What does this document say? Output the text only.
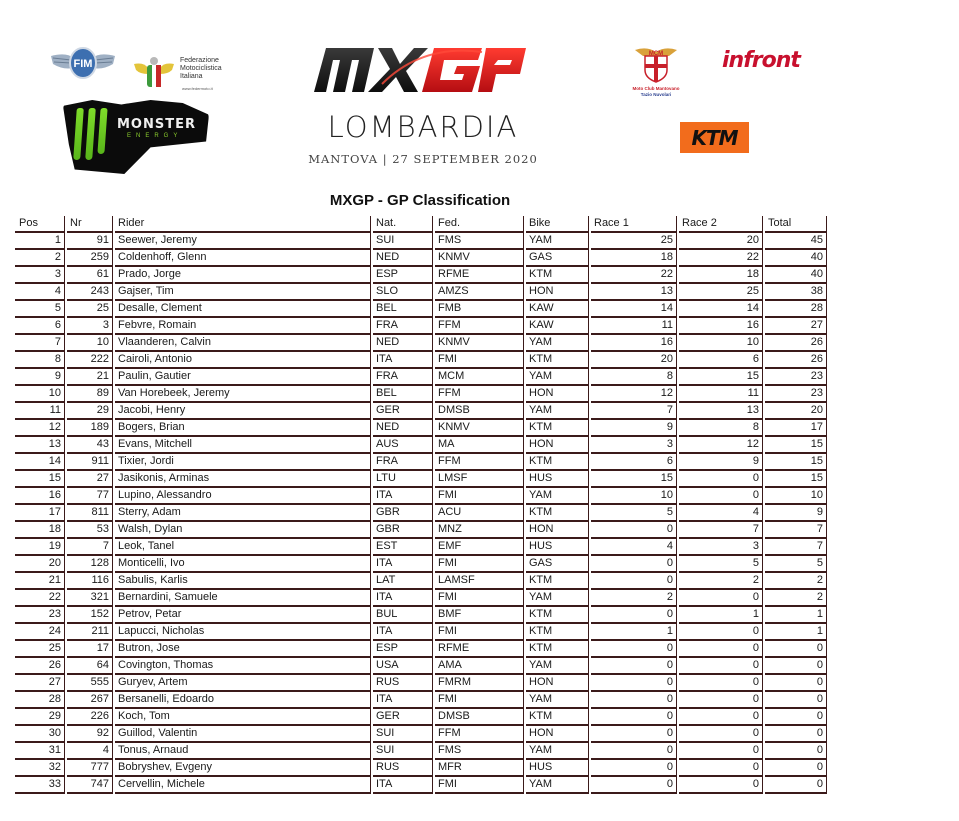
FIM	Federazione
Motociclistica
Italiana
www.federmoto.it
MONSTER
ENERGY	LOMBARDIA
MANTOVA | 27 SEPTEMBER 2020
MCM
Moto Club Mantovano
Tazio Nuvolari
infront
KTM
MXGP - GP Classification
Pos	Nr	Rider	Nat.	Fed.	Bike	Race 1	Race 2	Total
1	91 Seewer, Jeremy	SUI	FMS	YAM	25	20	45
2	259 Coldenhoff, Glenn	NED	KNMV	GAS	18	22	40
3	61 Prado, Jorge	ESP	RFME	KTM	22	18	40
4	243 Gajser, Tim	SLO	AMZS	HON	13	25	38
5	25 Desalle, Clement	BEL	FMB	KAW	14	14	28
6	3 Febvre, Romain	FRA	FFM	KAW	11	16	27
7	10 Vlaanderen, Calvin	NED	KNMV	YAM	16	10	26
8	222 Cairoli, Antonio	ITA	FMI	KTM	20	6	26
9	21 Paulin, Gautier	FRA	MCM	YAM	8	15	23
10	89 Van Horebeek, Jeremy	BEL	FFM	HON	12	11	23
11	29 Jacobi, Henry	GER	DMSB	YAM	7	13	20
12	189 Bogers, Brian	NED	KNMV	KTM	9	8	17
13	43 Evans, Mitchell	AUS	MA	HON	3	12	15
14	911 Tixier, Jordi	FRA	FFM	KTM	6	9	15
15	27 Jasikonis, Arminas	LTU	LMSF	HUS	15	0	15
16	77 Lupino, Alessandro	ITA	FMI	YAM	10	0	10
17	811 Sterry, Adam	GBR	ACU	KTM	5	4	9
18	53 Walsh, Dylan	GBR	MNZ	HON	0	7	7
19	7 Leok, Tanel	EST	EMF	HUS	4	3	7
20	128 Monticelli, Ivo	ITA	FMI	GAS	0	5	5
21	116 Sabulis, Karlis	LAT	LAMSF	KTM	0	2	2
22	321 Bernardini, Samuele	ITA	FMI	YAM	2	0	2
23	152 Petrov, Petar	BUL	BMF	KTM	0	1	1
24	211 Lapucci, Nicholas	ITA	FMI	KTM	1	0	1
25	17 Butron, Jose	ESP	RFME	KTM	0	0	0
26	64 Covington, Thomas	USA	AMA	YAM	0	0	0
27	555 Guryev, Artem	RUS	FMRM	HON	0	0	0
28	267 Bersanelli, Edoardo	ITA	FMI	YAM	0	0	0
29	226 Koch, Tom	GER	DMSB	KTM	0	0	0
30	92 Guillod, Valentin	SUI	FFM	HON	0	0	0
31	4 Tonus, Arnaud	SUI	FMS	YAM	0	0	0
32	777 Bobryshev, Evgeny	RUS	MFR	HUS	0	0	0
33	747 Cervellin, Michele	ITA	FMI	YAM	0	0	0
